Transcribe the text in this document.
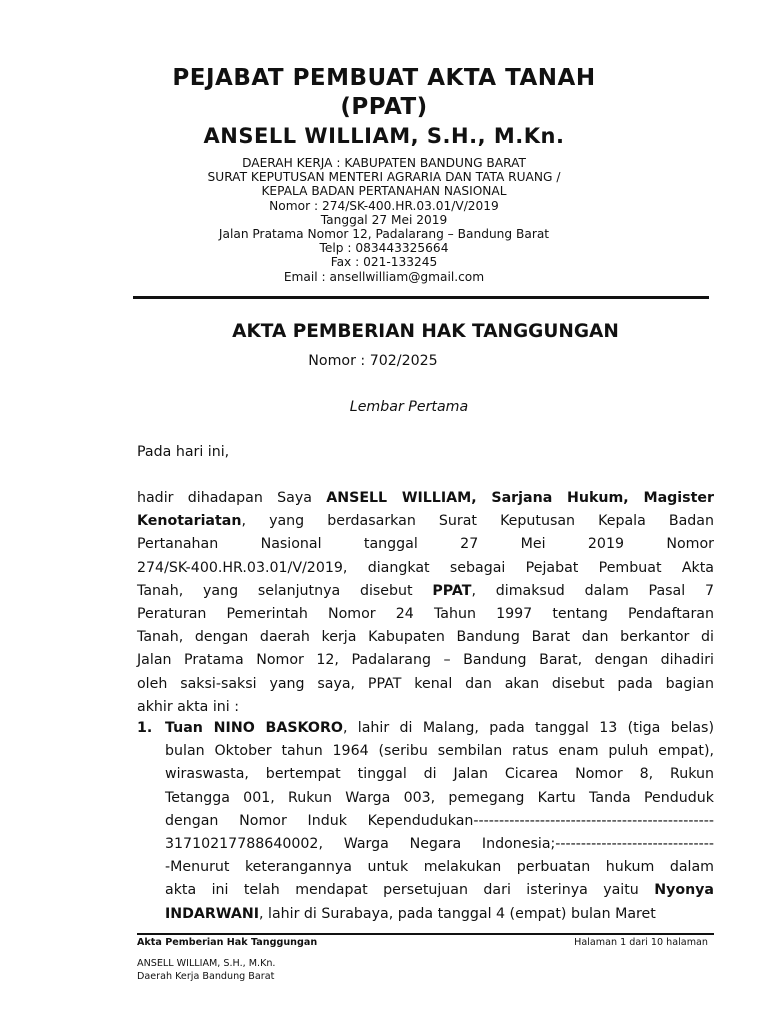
PEJABAT PEMBUAT AKTA TANAH
(PPAT)
ANSELL WILLIAM, S.H., M.Kn.
DAERAH KERJA : KABUPATEN BANDUNG BARAT
SURAT KEPUTUSAN MENTERI AGRARIA DAN TATA RUANG /
KEPALA BADAN PERTANAHAN NASIONAL
Nomor : 274/SK-400.HR.03.01/V/2019
Tanggal 27 Mei 2019
Jalan Pratama Nomor 12, Padalarang – Bandung Barat
Telp : 083443325664
Fax : 021-133245
Email : ansellwilliam@gmail.com
AKTA PEMBERIAN HAK TANGGUNGAN
Nomor : 702/2025
Lembar Pertama
Pada hari ini,
hadir dihadapan Saya ANSELL WILLIAM, Sarjana Hukum, Magister
Kenotariatan, yang berdasarkan Surat Keputusan Kepala Badan
Pertanahan Nasional tanggal 27 Mei 2019 Nomor
274/SK-400.HR.03.01/V/2019, diangkat sebagai Pejabat Pembuat Akta
Tanah, yang selanjutnya disebut PPAT, dimaksud dalam Pasal 7
Peraturan Pemerintah Nomor 24 Tahun 1997 tentang Pendaftaran
Tanah, dengan daerah kerja Kabupaten Bandung Barat dan berkantor di
Jalan Pratama Nomor 12, Padalarang – Bandung Barat, dengan dihadiri
oleh saksi-saksi yang saya, PPAT kenal dan akan disebut pada bagian
akhir akta ini :
1. Tuan NINO BASKORO, lahir di Malang, pada tanggal 13 (tiga belas)
bulan Oktober tahun 1964 (seribu sembilan ratus enam puluh empat),
wiraswasta, bertempat tinggal di Jalan Cicarea Nomor 8, Rukun
Tetangga 001, Rukun Warga 003, pemegang Kartu Tanda Penduduk
dengan Nomor Induk Kependudukan-----------------------------------------------
31710217788640002, Warga Negara Indonesia;-------------------------------
-Menurut keterangannya untuk melakukan perbuatan hukum dalam
akta ini telah mendapat persetujuan dari isterinya yaitu Nyonya
INDARWANI, lahir di Surabaya, pada tanggal 4 (empat) bulan Maret
Akta Pemberian Hak Tanggungan	Halaman 1 dari 10 halaman
ANSELL WILLIAM, S.H., M.Kn.
Daerah Kerja Bandung Barat
